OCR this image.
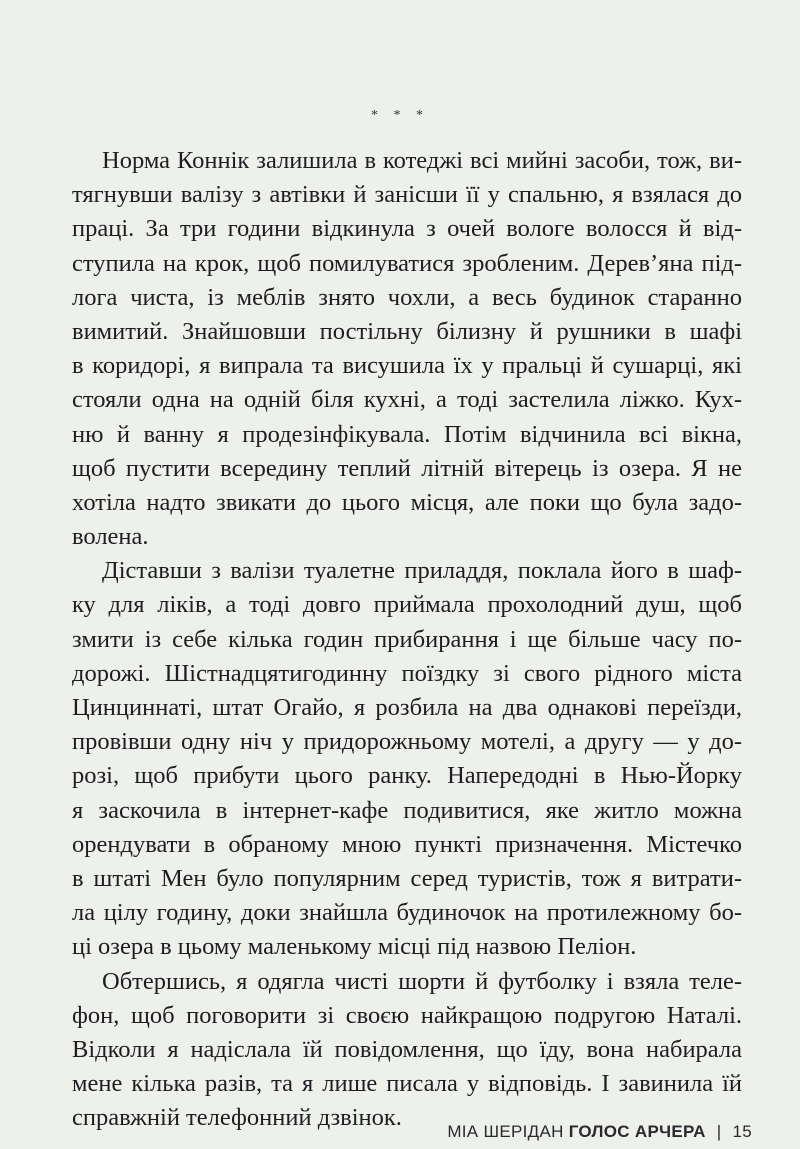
* * *
Норма Коннік залишила в котеджі всі мийні засоби, тож, ви-
тягнувши валізу з автівки й занісши її у спальню, я взялася до
праці. За три години відкинула з очей вологе волосся й від-
ступила на крок, щоб помилуватися зробленим. Дерев’яна під-
лога чиста, із меблів знято чохли, а весь будинок старанно
вимитий. Знайшовши постільну білизну й рушники в шафі
в коридорі, я випрала та висушила їх у пральці й сушарці, які
стояли одна на одній біля кухні, а тоді застелила ліжко. Кух-
ню й ванну я продезінфікувала. Потім відчинила всі вікна,
щоб пустити всередину теплий літній вітерець із озера. Я не
хотіла надто звикати до цього місця, але поки що була задо-
волена.
Діставши з валізи туалетне приладдя, поклала його в шаф-
ку для ліків, а тоді довго приймала прохолодний душ, щоб
змити із себе кілька годин прибирання і ще більше часу по-
дорожі. Шістнадцятигодинну поїздку зі свого рідного міста
Цинциннаті, штат Огайо, я розбила на два однакові переїзди,
провівши одну ніч у придорожньому мотелі, а другу — у до-
розі, щоб прибути цього ранку. Напередодні в Нью-Йорку
я заскочила в інтернет-кафе подивитися, яке житло можна
орендувати в обраному мною пункті призначення. Містечко
в штаті Мен було популярним серед туристів, тож я витрати-
ла цілу годину, доки знайшла будиночок на протилежному бо-
ці озера в цьому маленькому місці під назвою Пеліон.
Обтершись, я одягла чисті шорти й футболку і взяла теле-
фон, щоб поговорити зі своєю найкращою подругою Наталі.
Відколи я надіслала їй повідомлення, що їду, вона набирала
мене кілька разів, та я лише писала у відповідь. І завинила їй
справжній телефонний дзвінок.
МІА ШЕРІДАН ГОЛОС АРЧЕРА | 15
